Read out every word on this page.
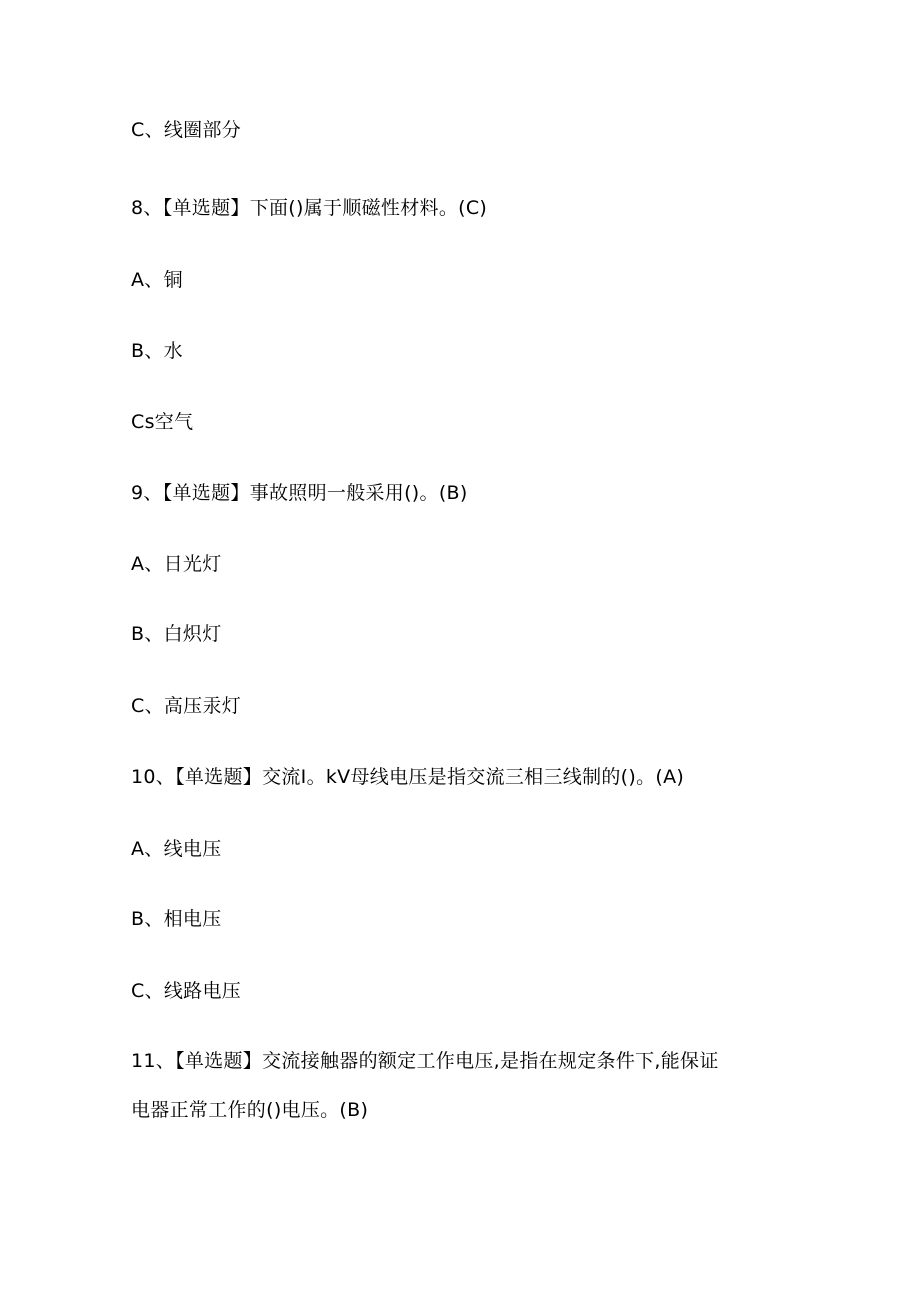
C、线圈部分
8、【单选题】下面()属于顺磁性材料。(C)
A、铜
B、水
Cs空气
9、【单选题】事故照明一般采用()。(B)
A、日光灯
B、白炽灯
C、高压汞灯
10、【单选题】交流I。kV母线电压是指交流三相三线制的()。(A)
A、线电压
B、相电压
C、线路电压
11、【单选题】交流接触器的额定工作电压,是指在规定条件下,能保证
电器正常工作的()电压。(B)
